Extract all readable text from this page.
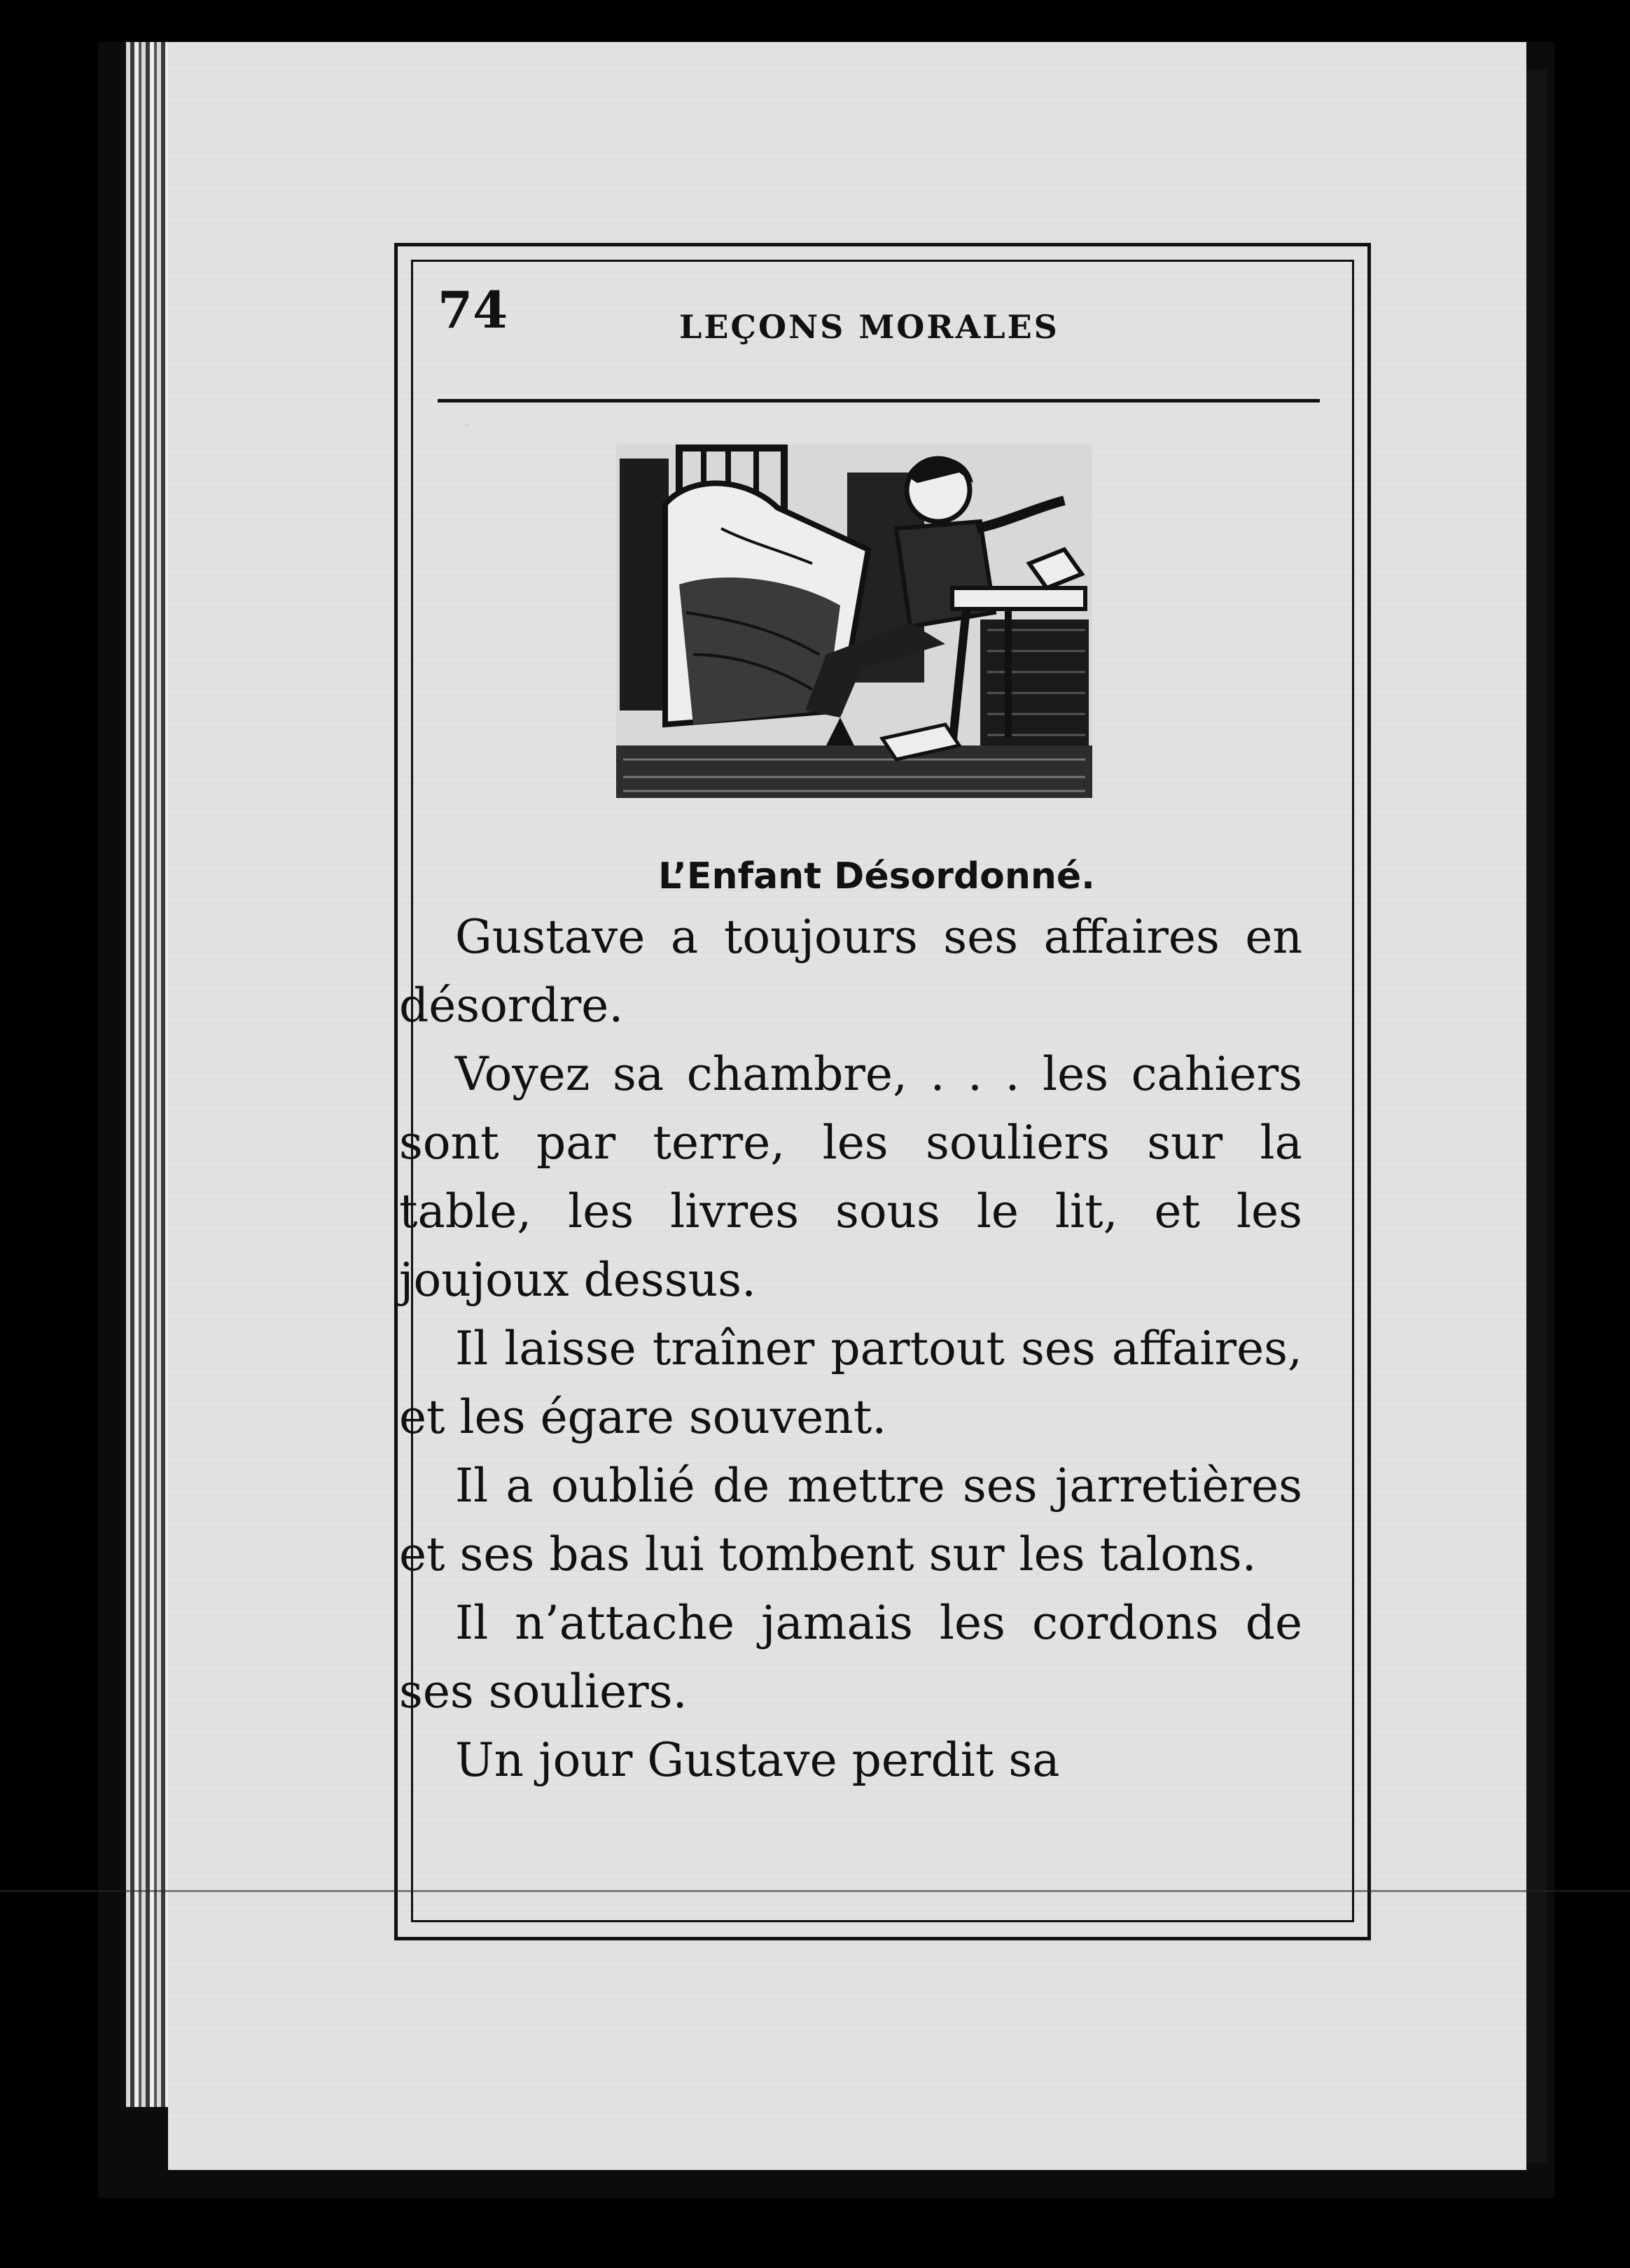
74	LEÇONS MORALES
L’Enfant Désordonné.

Gustave a toujours ses affaires en désordre.

Voyez sa chambre, . . . les cahiers sont par terre, les souliers sur la table, les livres sous le lit, et les joujoux dessus.

Il laisse traîner partout ses affaires, et les égare souvent.

Il a oublié de mettre ses jarretières et ses bas lui tombent sur les talons.

Il n’attache jamais les cordons de ses souliers.

Un jour Gustave perdit sa
